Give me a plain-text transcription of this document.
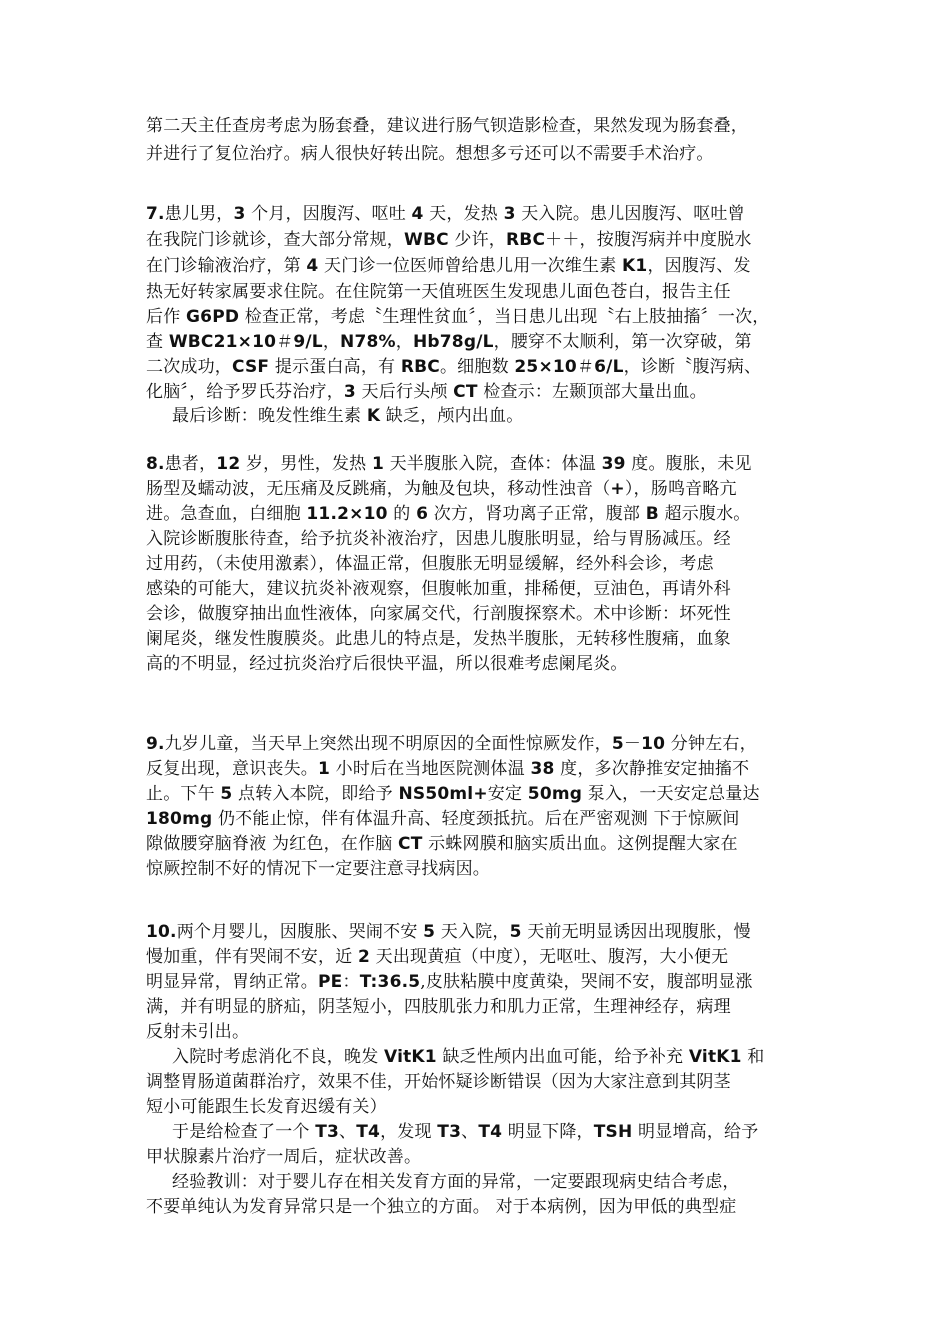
第二天主任查房考虑为肠套叠，建议进行肠气钡造影检查，果然发现为肠套叠，
并进行了复位治疗。病人很快好转出院。想想多亏还可以不需要手术治疗。
7.患儿男，3 个月，因腹泻、呕吐 4 天，发热 3 天入院。患儿因腹泻、呕吐曾
在我院门诊就诊，查大部分常规，WBC 少许，RBC＋＋，按腹泻病并中度脱水
在门诊输液治疗，第 4 天门诊一位医师曾给患儿用一次维生素 K1，因腹泻、发
热无好转家属要求住院。在住院第一天值班医生发现患儿面色苍白，报告主任
后作 G6PD 检查正常，考虑〝生理性贫血〞，当日患儿出现〝右上肢抽搐〞一次，
查 WBC21×10＃9/L，N78%，Hb78g/L，腰穿不太顺利，第一次穿破，第
二次成功，CSF 提示蛋白高，有 RBC。细胞数 25×10＃6/L，诊断〝腹泻病、
化脑〞，给予罗氏芬治疗，3 天后行头颅 CT 检查示：左颞顶部大量出血。
最后诊断：晚发性维生素 K 缺乏，颅内出血。
8.患者，12 岁，男性，发热 1 天半腹胀入院，查体：体温 39 度。腹胀，未见
肠型及蠕动波，无压痛及反跳痛，为触及包块，移动性浊音（+），肠鸣音略亢
进。急查血，白细胞 11.2×10 的 6 次方，肾功离子正常，腹部 B 超示腹水。
入院诊断腹胀待查，给予抗炎补液治疗，因患儿腹胀明显，给与胃肠减压。经
过用药，（未使用激素），体温正常，但腹胀无明显缓解，经外科会诊，考虑
感染的可能大，建议抗炎补液观察，但腹帐加重，排稀便，豆油色，再请外科
会诊，做腹穿抽出血性液体，向家属交代，行剖腹探察术。术中诊断：坏死性
阑尾炎，继发性腹膜炎。此患儿的特点是，发热半腹胀，无转移性腹痛，血象
高的不明显，经过抗炎治疗后很快平温，所以很难考虑阑尾炎。
9.九岁儿童，当天早上突然出现不明原因的全面性惊厥发作，5－10 分钟左右，
反复出现，意识丧失。1 小时后在当地医院测体温 38 度，多次静推安定抽搐不
止。下午 5 点转入本院，即给予 NS50ml+安定 50mg 泵入，一天安定总量达
180mg 仍不能止惊，伴有体温升高、轻度颈抵抗。后在严密观测 下于惊厥间
隙做腰穿脑脊液 为红色，在作脑 CT 示蛛网膜和脑实质出血。这例提醒大家在
惊厥控制不好的情况下一定要注意寻找病因。
10.两个月婴儿，因腹胀、哭闹不安 5 天入院，5 天前无明显诱因出现腹胀，慢
慢加重，伴有哭闹不安，近 2 天出现黄疸（中度），无呕吐、腹泻，大小便无
明显异常，胃纳正常。PE：T:36.5,皮肤粘膜中度黄染，哭闹不安，腹部明显涨
满，并有明显的脐疝，阴茎短小，四肢肌张力和肌力正常，生理神经存，病理
反射未引出。
入院时考虑消化不良，晚发 VitK1 缺乏性颅内出血可能，给予补充 VitK1 和
调整胃肠道菌群治疗，效果不佳，开始怀疑诊断错误（因为大家注意到其阴茎
短小可能跟生长发育迟缓有关）
于是给检查了一个 T3、T4，发现 T3、T4 明显下降，TSH 明显增高，给予
甲状腺素片治疗一周后，症状改善。
经验教训：对于婴儿存在相关发育方面的异常，一定要跟现病史结合考虑，
不要单纯认为发育异常只是一个独立的方面。 对于本病例，因为甲低的典型症
